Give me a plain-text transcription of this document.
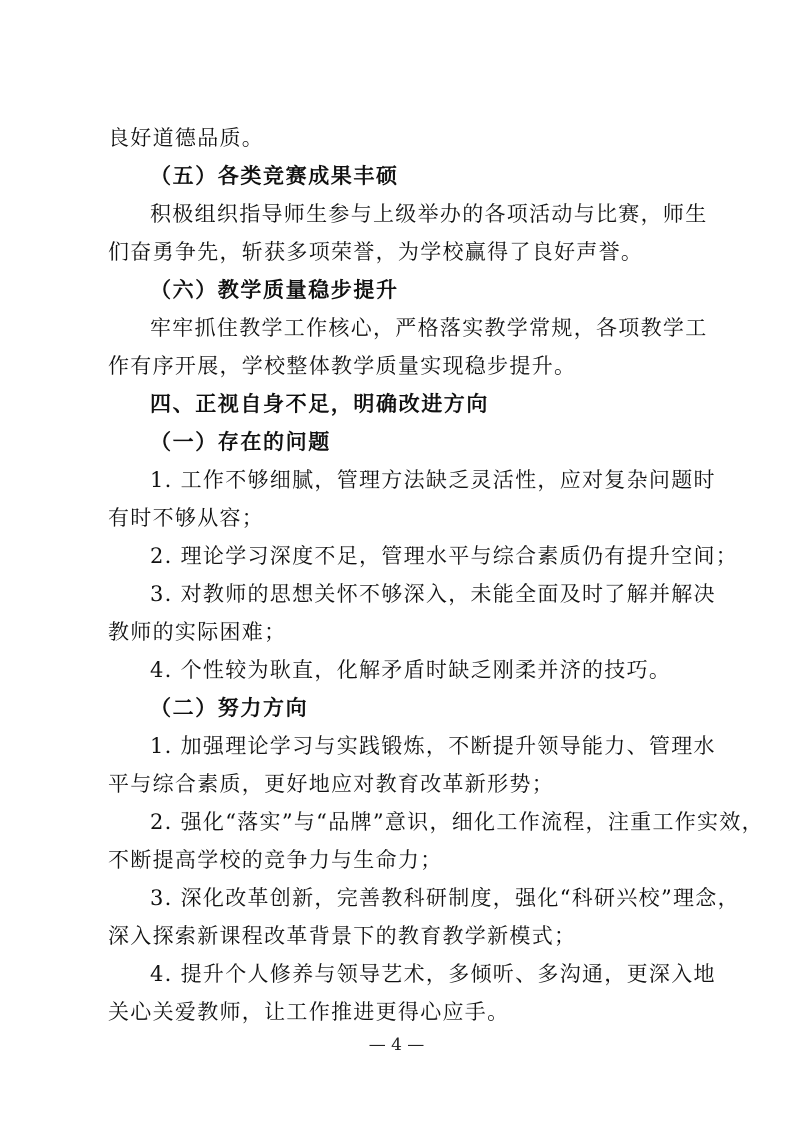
良好道德品质。
（五）各类竞赛成果丰硕
积极组织指导师生参与上级举办的各项活动与比赛，师生
们奋勇争先，斩获多项荣誉，为学校赢得了良好声誉。
（六）教学质量稳步提升
牢牢抓住教学工作核心，严格落实教学常规，各项教学工
作有序开展，学校整体教学质量实现稳步提升。
四、正视自身不足，明确改进方向
（一）存在的问题
1. 工作不够细腻，管理方法缺乏灵活性，应对复杂问题时
有时不够从容；
2. 理论学习深度不足，管理水平与综合素质仍有提升空间；
3. 对教师的思想关怀不够深入，未能全面及时了解并解决
教师的实际困难；
4. 个性较为耿直，化解矛盾时缺乏刚柔并济的技巧。
（二）努力方向
1. 加强理论学习与实践锻炼，不断提升领导能力、管理水
平与综合素质，更好地应对教育改革新形势；
2. 强化“落实”与“品牌”意识，细化工作流程，注重工作实效，
不断提高学校的竞争力与生命力；
3. 深化改革创新，完善教科研制度，强化“科研兴校”理念，
深入探索新课程改革背景下的教育教学新模式；
4. 提升个人修养与领导艺术，多倾听、多沟通，更深入地
关心关爱教师，让工作推进更得心应手。
— 4 —
